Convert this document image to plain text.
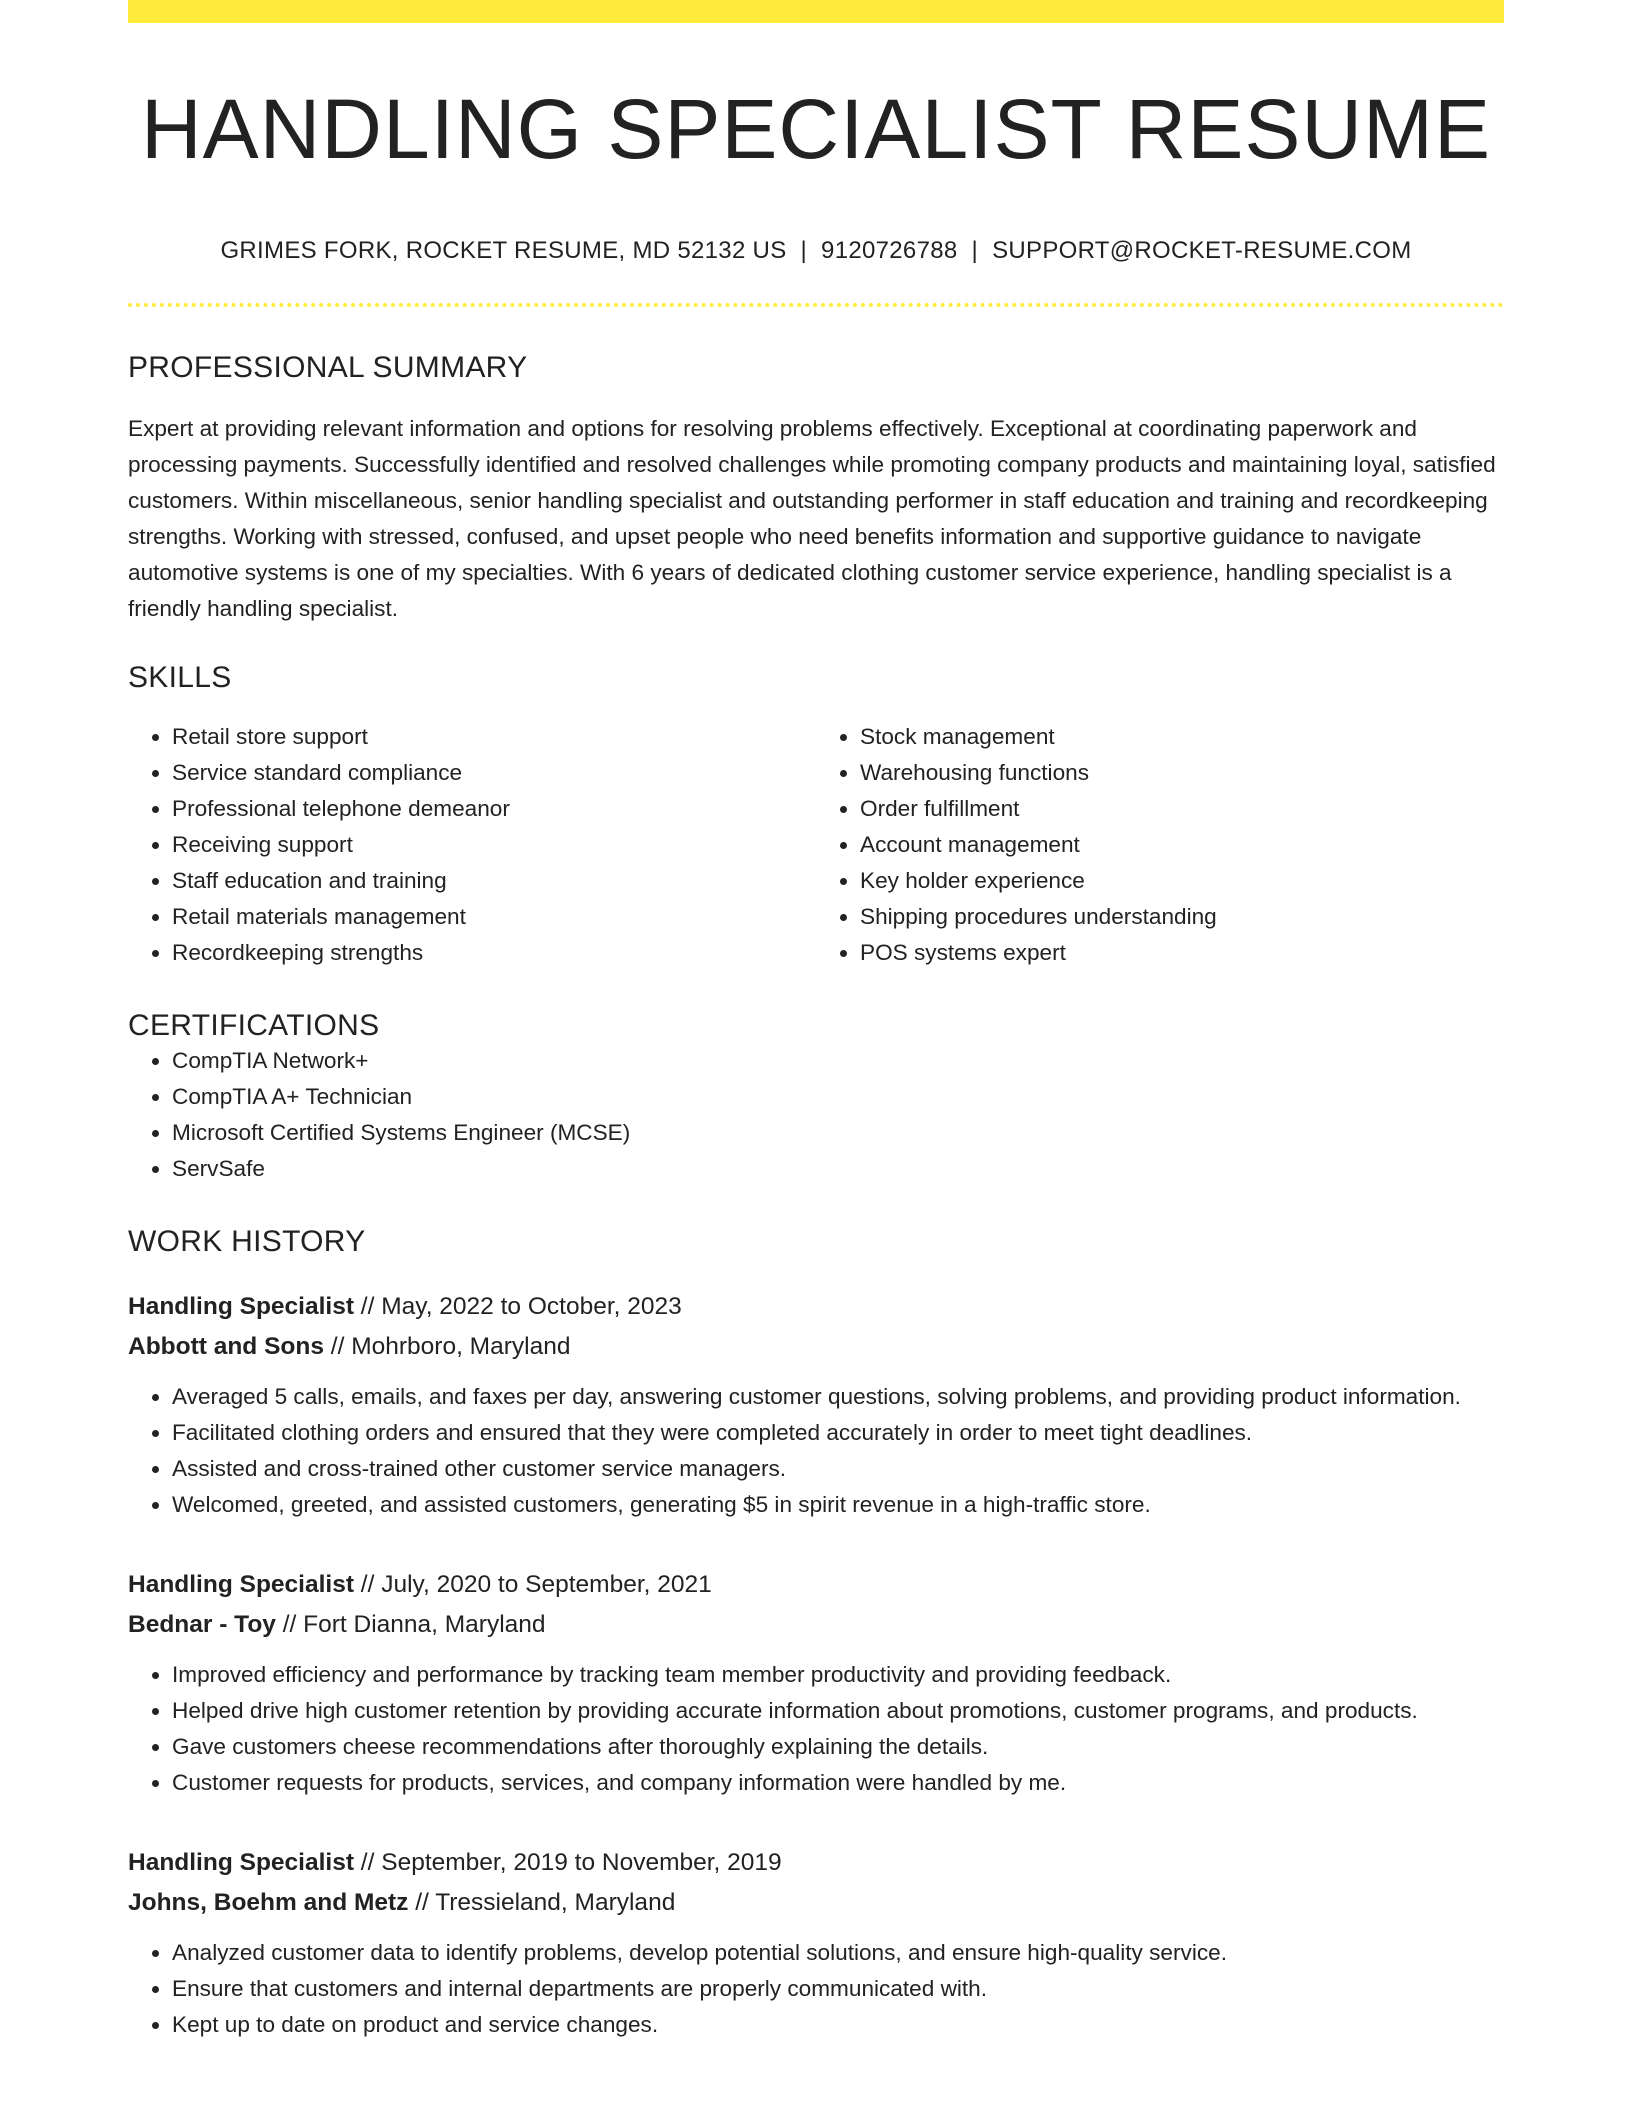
HANDLING SPECIALIST RESUME
GRIMES FORK, ROCKET RESUME, MD 52132 US | 9120726788 | SUPPORT@ROCKET-RESUME.COM
PROFESSIONAL SUMMARY
Expert at providing relevant information and options for resolving problems effectively. Exceptional at coordinating paperwork and processing payments. Successfully identified and resolved challenges while promoting company products and maintaining loyal, satisfied customers. Within miscellaneous, senior handling specialist and outstanding performer in staff education and training and recordkeeping strengths. Working with stressed, confused, and upset people who need benefits information and supportive guidance to navigate automotive systems is one of my specialties. With 6 years of dedicated clothing customer service experience, handling specialist is a friendly handling specialist.
SKILLS
• Retail store support
• Service standard compliance
• Professional telephone demeanor
• Receiving support
• Staff education and training
• Retail materials management
• Recordkeeping strengths
• Stock management
• Warehousing functions
• Order fulfillment
• Account management
• Key holder experience
• Shipping procedures understanding
• POS systems expert
CERTIFICATIONS
• CompTIA Network+
• CompTIA A+ Technician
• Microsoft Certified Systems Engineer (MCSE)
• ServSafe
WORK HISTORY
Handling Specialist // May, 2022 to October, 2023
Abbott and Sons // Mohrboro, Maryland
• Averaged 5 calls, emails, and faxes per day, answering customer questions, solving problems, and providing product information.
• Facilitated clothing orders and ensured that they were completed accurately in order to meet tight deadlines.
• Assisted and cross-trained other customer service managers.
• Welcomed, greeted, and assisted customers, generating $5 in spirit revenue in a high-traffic store.
Handling Specialist // July, 2020 to September, 2021
Bednar - Toy // Fort Dianna, Maryland
• Improved efficiency and performance by tracking team member productivity and providing feedback.
• Helped drive high customer retention by providing accurate information about promotions, customer programs, and products.
• Gave customers cheese recommendations after thoroughly explaining the details.
• Customer requests for products, services, and company information were handled by me.
Handling Specialist // September, 2019 to November, 2019
Johns, Boehm and Metz // Tressieland, Maryland
• Analyzed customer data to identify problems, develop potential solutions, and ensure high-quality service.
• Ensure that customers and internal departments are properly communicated with.
• Kept up to date on product and service changes.
